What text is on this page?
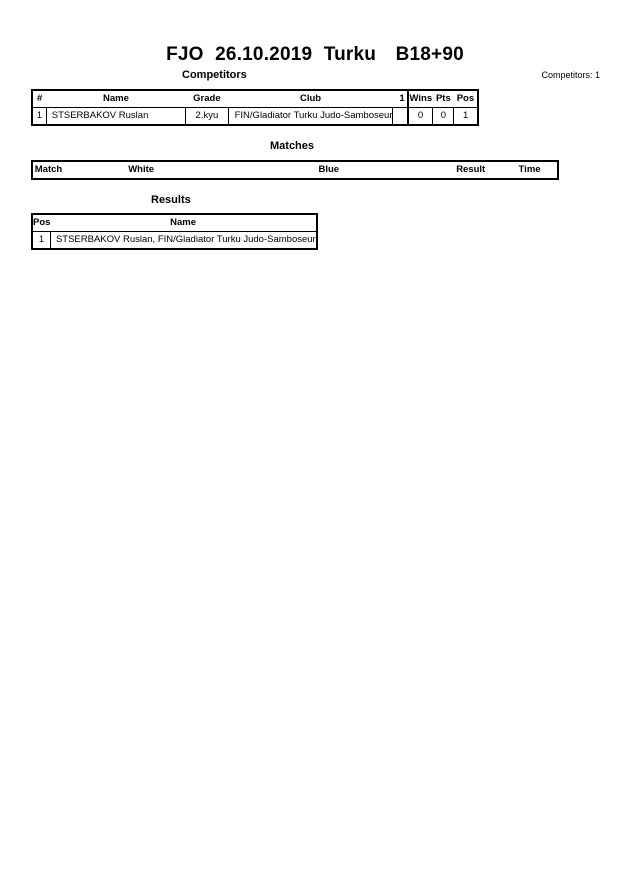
FJO 26.10.2019 Turku B18+90
Competitors	Competitors: 1
#	Name	Grade	Club	1	Wins	Pts	Pos
1	STSERBAKOV Ruslan	2.kyu	FIN/Gladiator Turku Judo-Samboseur		0	0	1
Matches
Match	White	Blue	Result	Time
Results
Pos	Name
1	STSERBAKOV Ruslan, FIN/Gladiator Turku Judo-Samboseur
